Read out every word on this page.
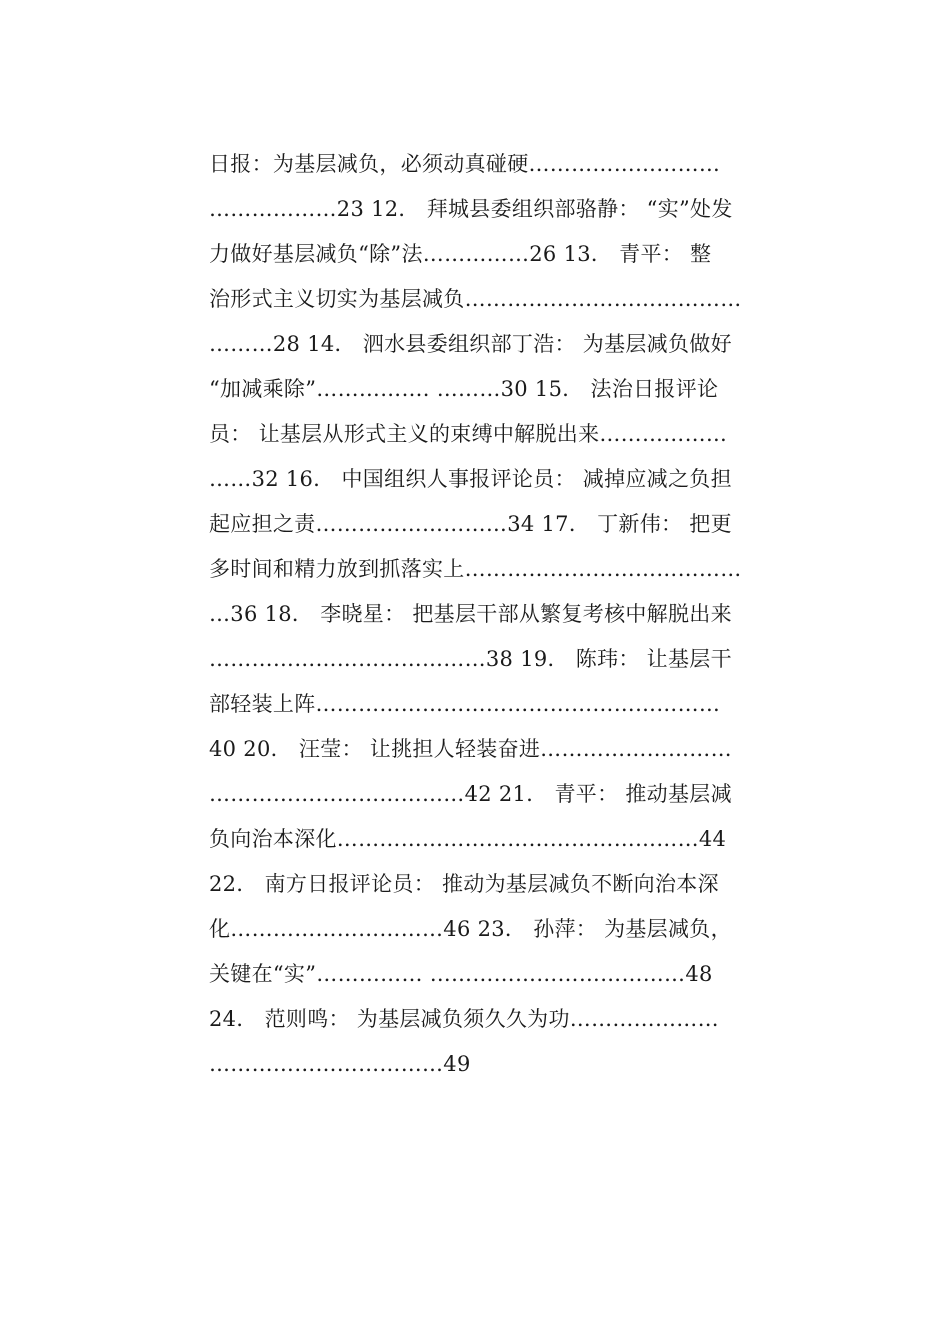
日报：为基层减负，必须动真碰硬………………………
………………23 12． 拜城县委组织部骆静： “实”处发
力做好基层减负“除”法……………26 13． 青平： 整
治形式主义切实为基层减负…………………………………
………28 14． 泗水县委组织部丁浩： 为基层减负做好
“加减乘除”……………. ………30 15． 法治日报评论
员： 让基层从形式主义的束缚中解脱出来………………
……32 16． 中国组织人事报评论员： 减掉应减之负担
起应担之责………………………34 17． 丁新伟： 把更
多时间和精力放到抓落实上…………………………………
…36 18． 李晓星： 把基层干部从繁复考核中解脱出来
…………………………………38 19． 陈玮： 让基层干
部轻装上阵…………………………………………………
40 20． 汪莹： 让挑担人轻装奋进………………………
………………………………42 21． 青平： 推动基层减
负向治本深化……………………………………………44
22． 南方日报评论员： 推动为基层减负不断向治本深
化…………………………46 23． 孙萍： 为基层减负，
关键在“实”…………… ………………………………48
24． 范则鸣： 为基层减负须久久为功…………………
……………………………49
